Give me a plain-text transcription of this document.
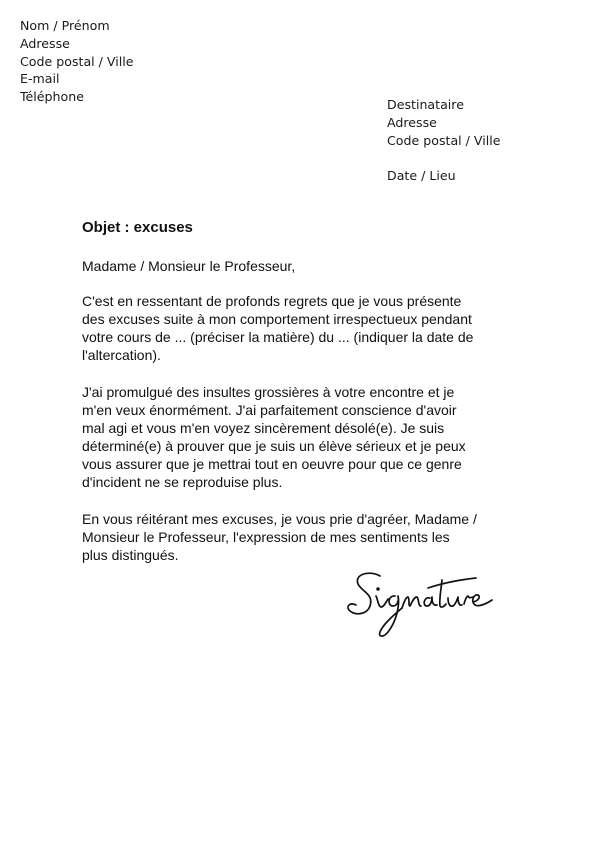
Nom / Prénom
Adresse
Code postal / Ville
E-mail
Téléphone
Destinataire
Adresse
Code postal / Ville
Date / Lieu
Objet : excuses
Madame / Monsieur le Professeur,
C'est en ressentant de profonds regrets que je vous présente
des excuses suite à mon comportement irrespectueux pendant
votre cours de ... (préciser la matière) du ... (indiquer la date de
l'altercation).
J'ai promulgué des insultes grossières à votre encontre et je
m'en veux énormément. J'ai parfaitement conscience d'avoir
mal agi et vous m'en voyez sincèrement désolé(e). Je suis
déterminé(e) à prouver que je suis un élève sérieux et je peux
vous assurer que je mettrai tout en oeuvre pour que ce genre
d'incident ne se reproduise plus.
En vous réitérant mes excuses, je vous prie d'agréer, Madame /
Monsieur le Professeur, l'expression de mes sentiments les
plus distingués.
